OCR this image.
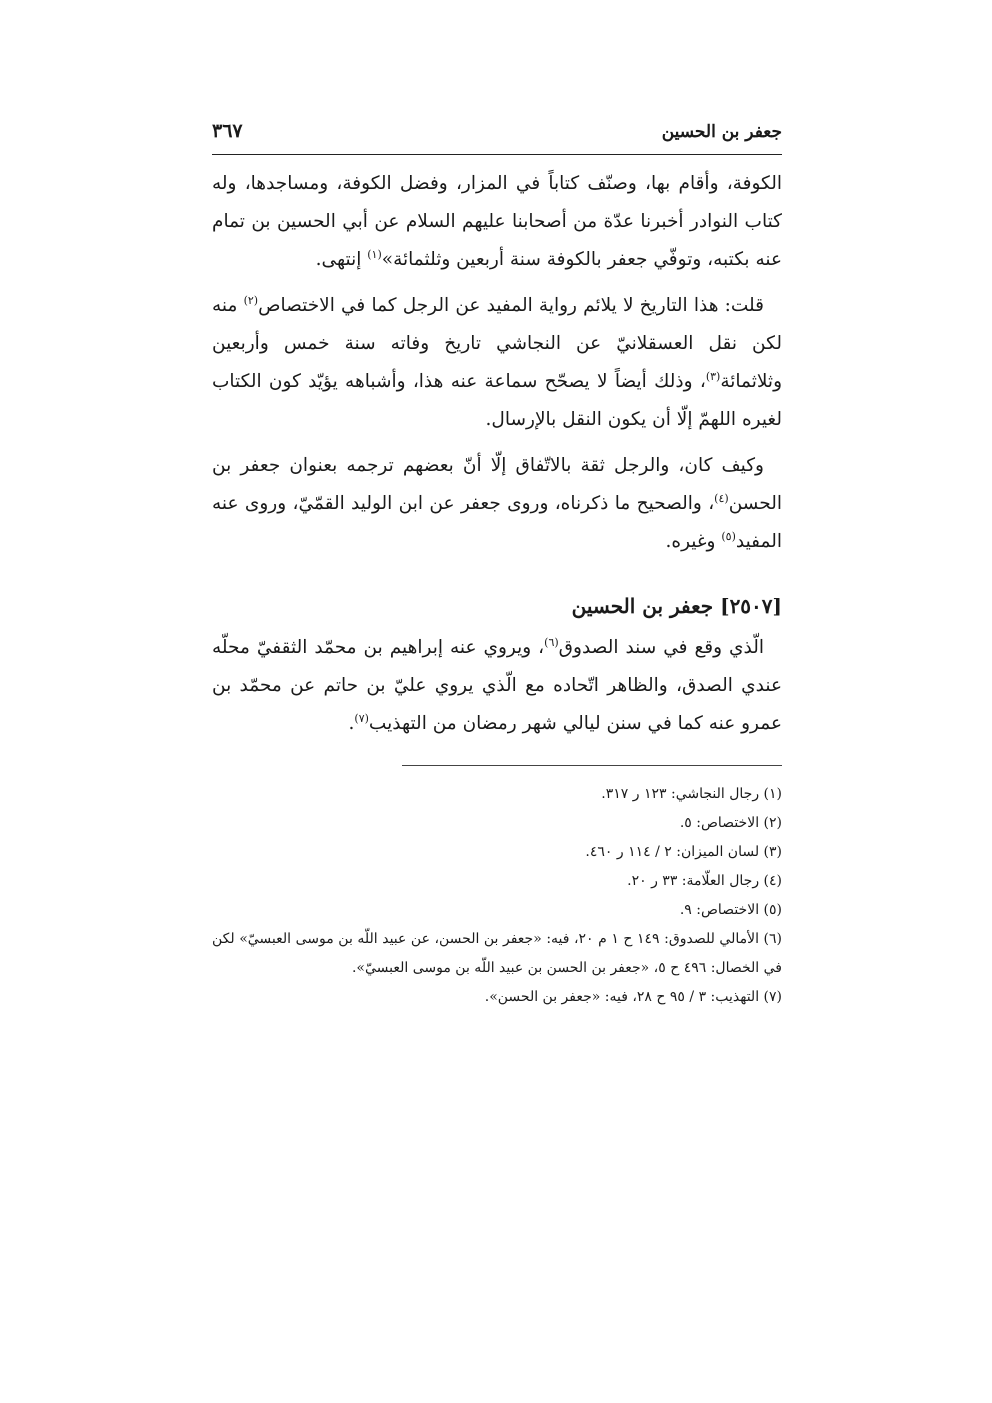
جعفر بن الحسين
٣٦٧

الكوفة، وأقام بها، وصنّف كتاباً في المزار، وفضل الكوفة، ومساجدها، وله كتاب النوادر أخبرنا عدّة من أصحابنا عليهم السلام عن أبي الحسين بن تمام عنه بكتبه، وتوفّي جعفر بالكوفة سنة أربعين وثلثمائة»$^{(١)}$ إنتهى.

قلت: هذا التاريخ لا يلائم رواية المفيد عن الرجل كما في الاختصاص$^{(٢)}$ منه لكن نقل العسقلانيّ عن النجاشي تاريخ وفاته سنة خمس وأربعين وثلاثمائة$^{(٣)}$، وذلك أيضاً لا يصحّح سماعة عنه هذا، وأشباهه يؤيّد كون الكتاب لغيره اللهمّ إلّا أن يكون النقل بالإرسال.

وكيف كان، والرجل ثقة بالاتّفاق إلّا أنّ بعضهم ترجمه بعنوان جعفر بن الحسن$^{(٤)}$، والصحيح ما ذكرناه، وروى جعفر عن ابن الوليد القمّيّ، وروى عنه المفيد$^{(٥)}$ وغيره.

[٢٥٠٧] جعفر بن الحسين

الّذي وقع في سند الصدوق$^{(٦)}$، ويروي عنه إبراهيم بن محمّد الثقفيّ محلّه عندي الصدق، والظاهر اتّحاده مع الّذي يروي عليّ بن حاتم عن محمّد بن عمرو عنه كما في سنن ليالي شهر رمضان من التهذيب$^{(٧)}$.

(١) رجال النجاشي: ١٢٣ ر ٣١٧.
(٢) الاختصاص: ٥.
(٣) لسان الميزان: ٢ / ١١٤ ر ٤٦٠.
(٤) رجال العلّامة: ٣٣ ر ٢٠.
(٥) الاختصاص: ٩.
(٦) الأمالي للصدوق: ١٤٩ ح ١ م ٢٠، فيه: «جعفر بن الحسن، عن عبيد اللّه بن موسى العبسيّ» لكن في الخصال: ٤٩٦ ح ٥، «جعفر بن الحسن بن عبيد اللّه بن موسى العبسيّ».
(٧) التهذيب: ٣ / ٩٥ ح ٢٨، فيه: «جعفر بن الحسن».
